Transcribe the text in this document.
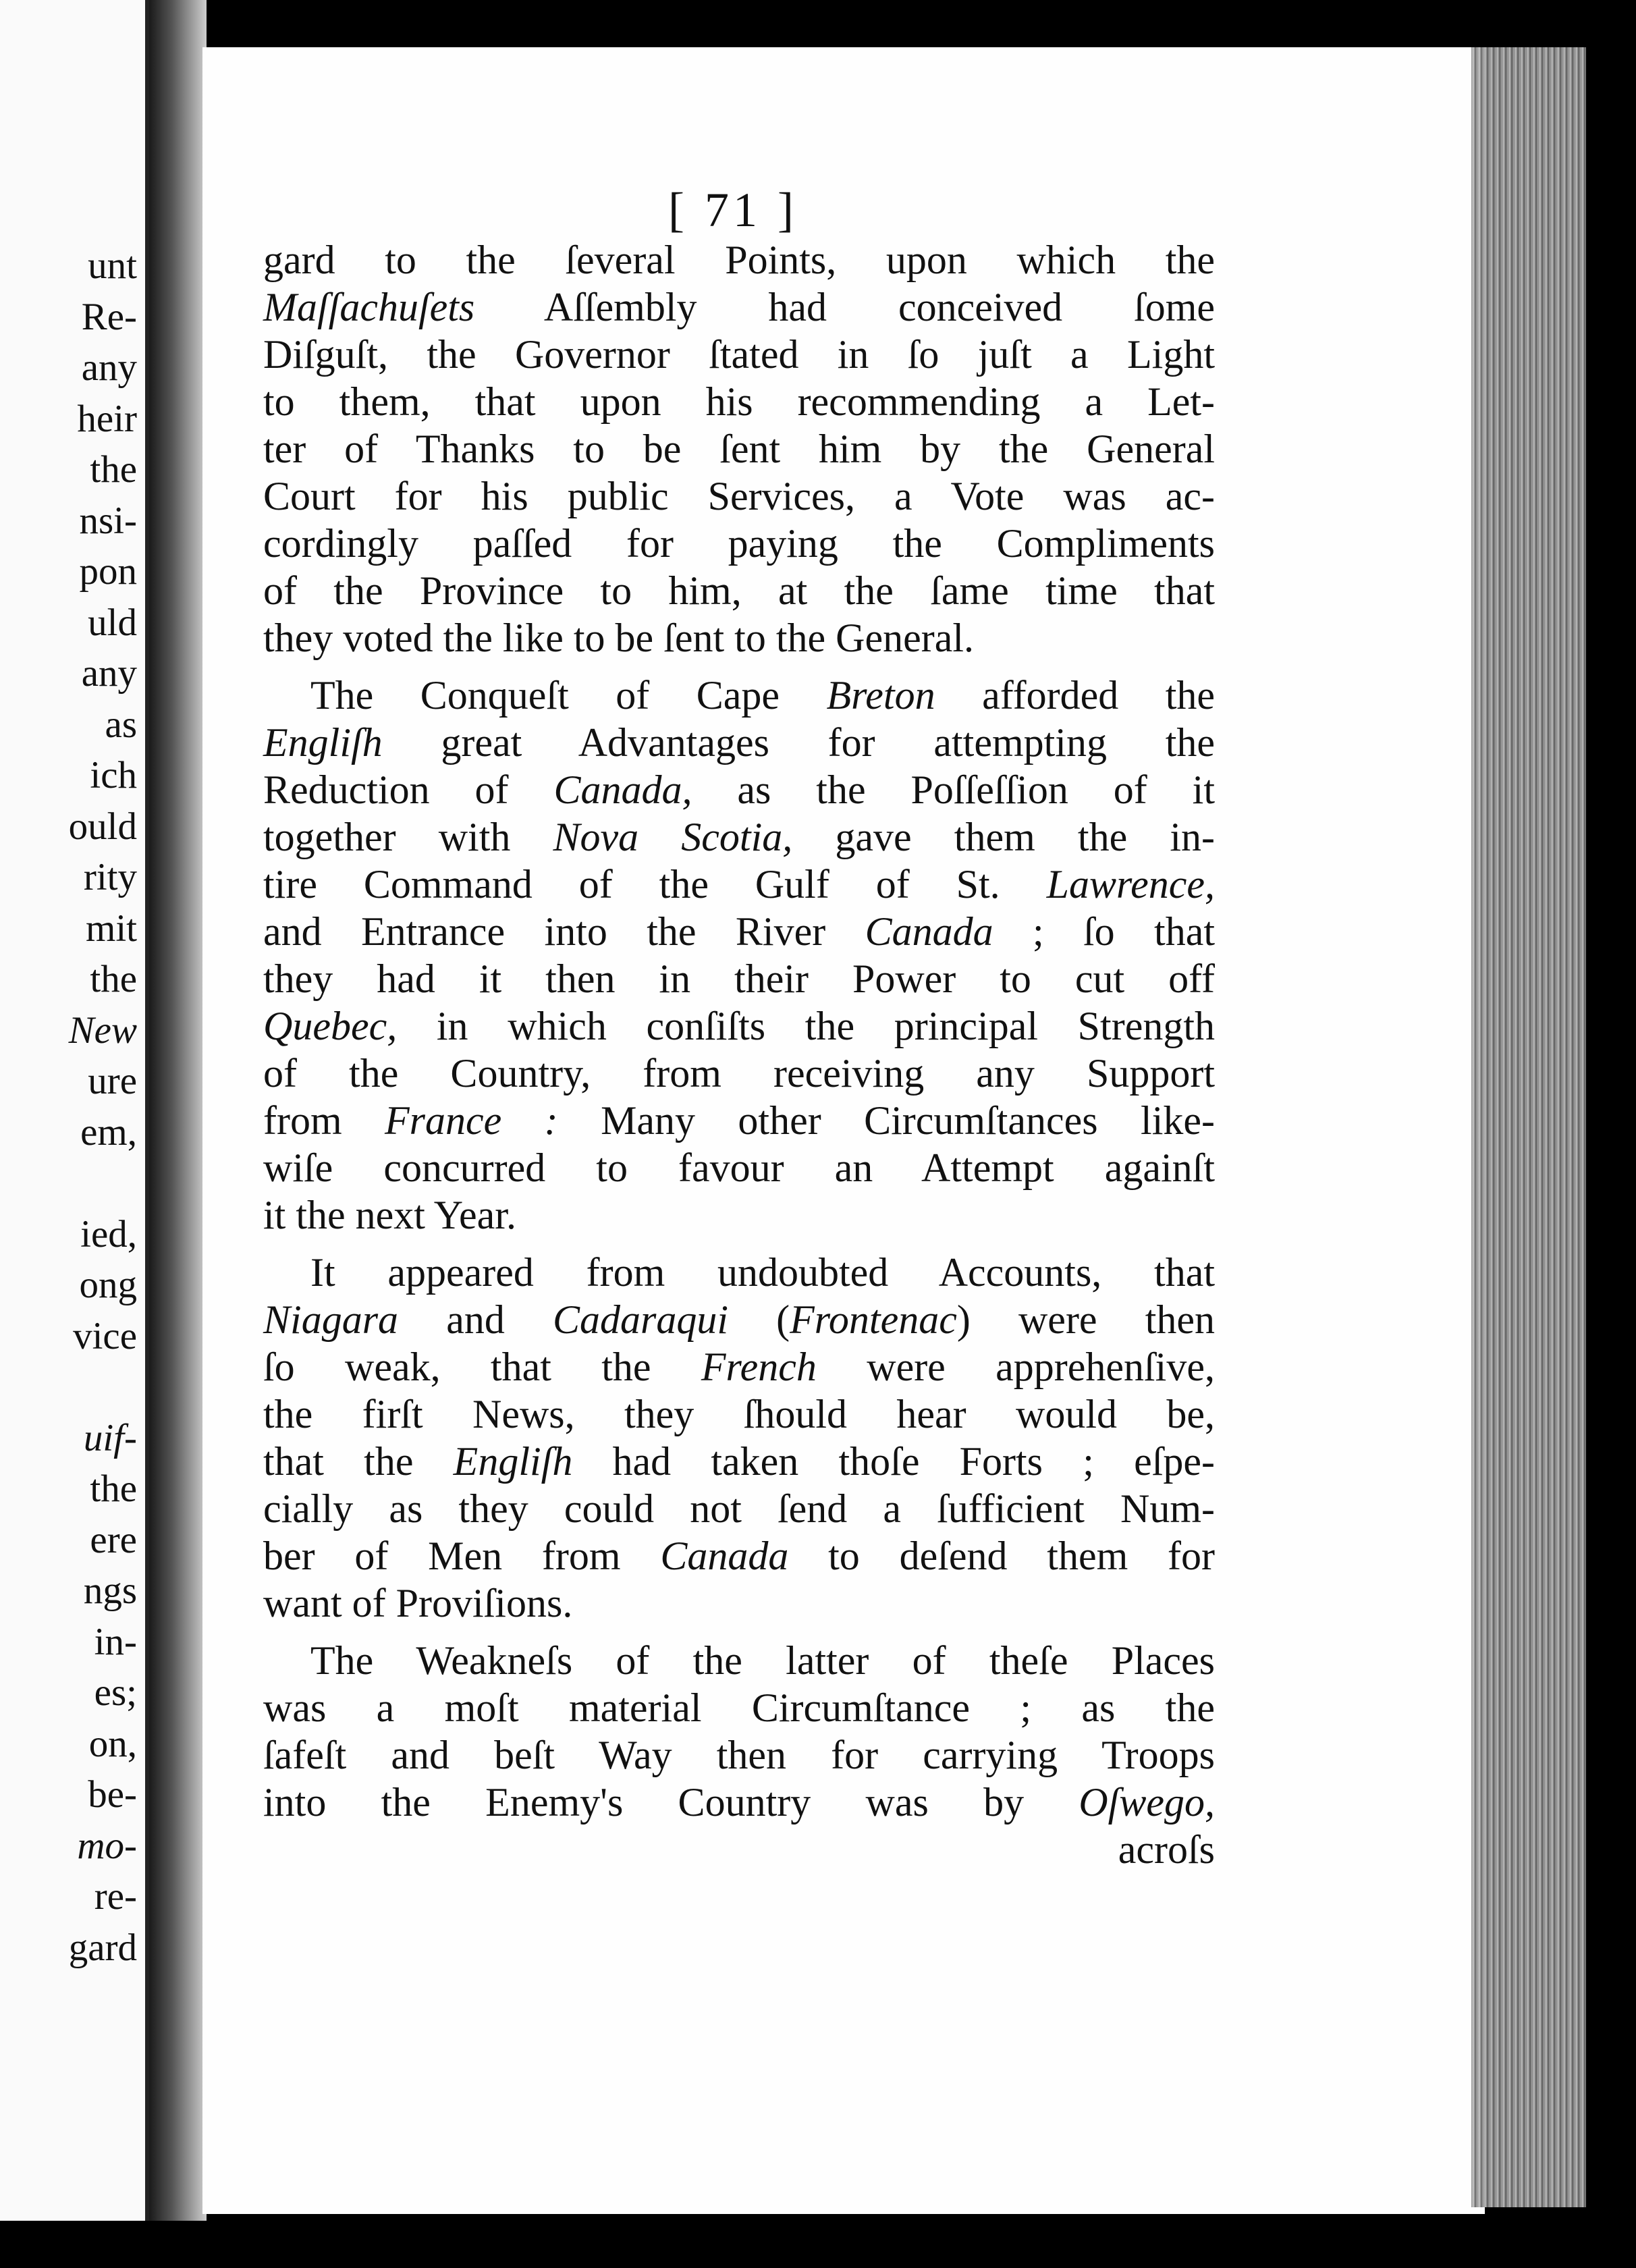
unt
Re-
any
heir
the
nsi-
pon
uld
any
as
ich
ould
rity
mit
the
New
ure
em,
ied,
ong
vice
uif-
the
ere
ngs
in-
es;
on,
be-
mo-
re-
gard
[ 71 ]
gard to the ſeveral Points, upon which the
Maſſachuſets Aſſembly had conceived ſome
Diſguſt, the Governor ſtated in ſo juſt a Light
to them, that upon his recommending a Let-
ter of Thanks to be ſent him by the General
Court for his public Services, a Vote was ac-
cordingly paſſed for paying the Compliments
of the Province to him, at the ſame time that
they voted the like to be ſent to the General.
The Conqueſt of Cape Breton afforded the
Engliſh great Advantages for attempting the
Reduction of Canada, as the Poſſeſſion of it
together with Nova Scotia, gave them the in-
tire Command of the Gulf of St. Lawrence,
and Entrance into the River Canada ; ſo that
they had it then in their Power to cut off
Quebec, in which conſiſts the principal Strength
of the Country, from receiving any Support
from France : Many other Circumſtances like-
wiſe concurred to favour an Attempt againſt
it the next Year.
It appeared from undoubted Accounts, that
Niagara and Cadaraqui (Frontenac) were then
ſo weak, that the French were apprehenſive,
the firſt News, they ſhould hear would be,
that the Engliſh had taken thoſe Forts ; eſpe-
cially as they could not ſend a ſufficient Num-
ber of Men from Canada to deſend them for
want of Proviſions.
The Weakneſs of the latter of theſe Places
was a moſt material Circumſtance ; as the
ſafeſt and beſt Way then for carrying Troops
into the Enemy's Country was by Oſwego,
acroſs
